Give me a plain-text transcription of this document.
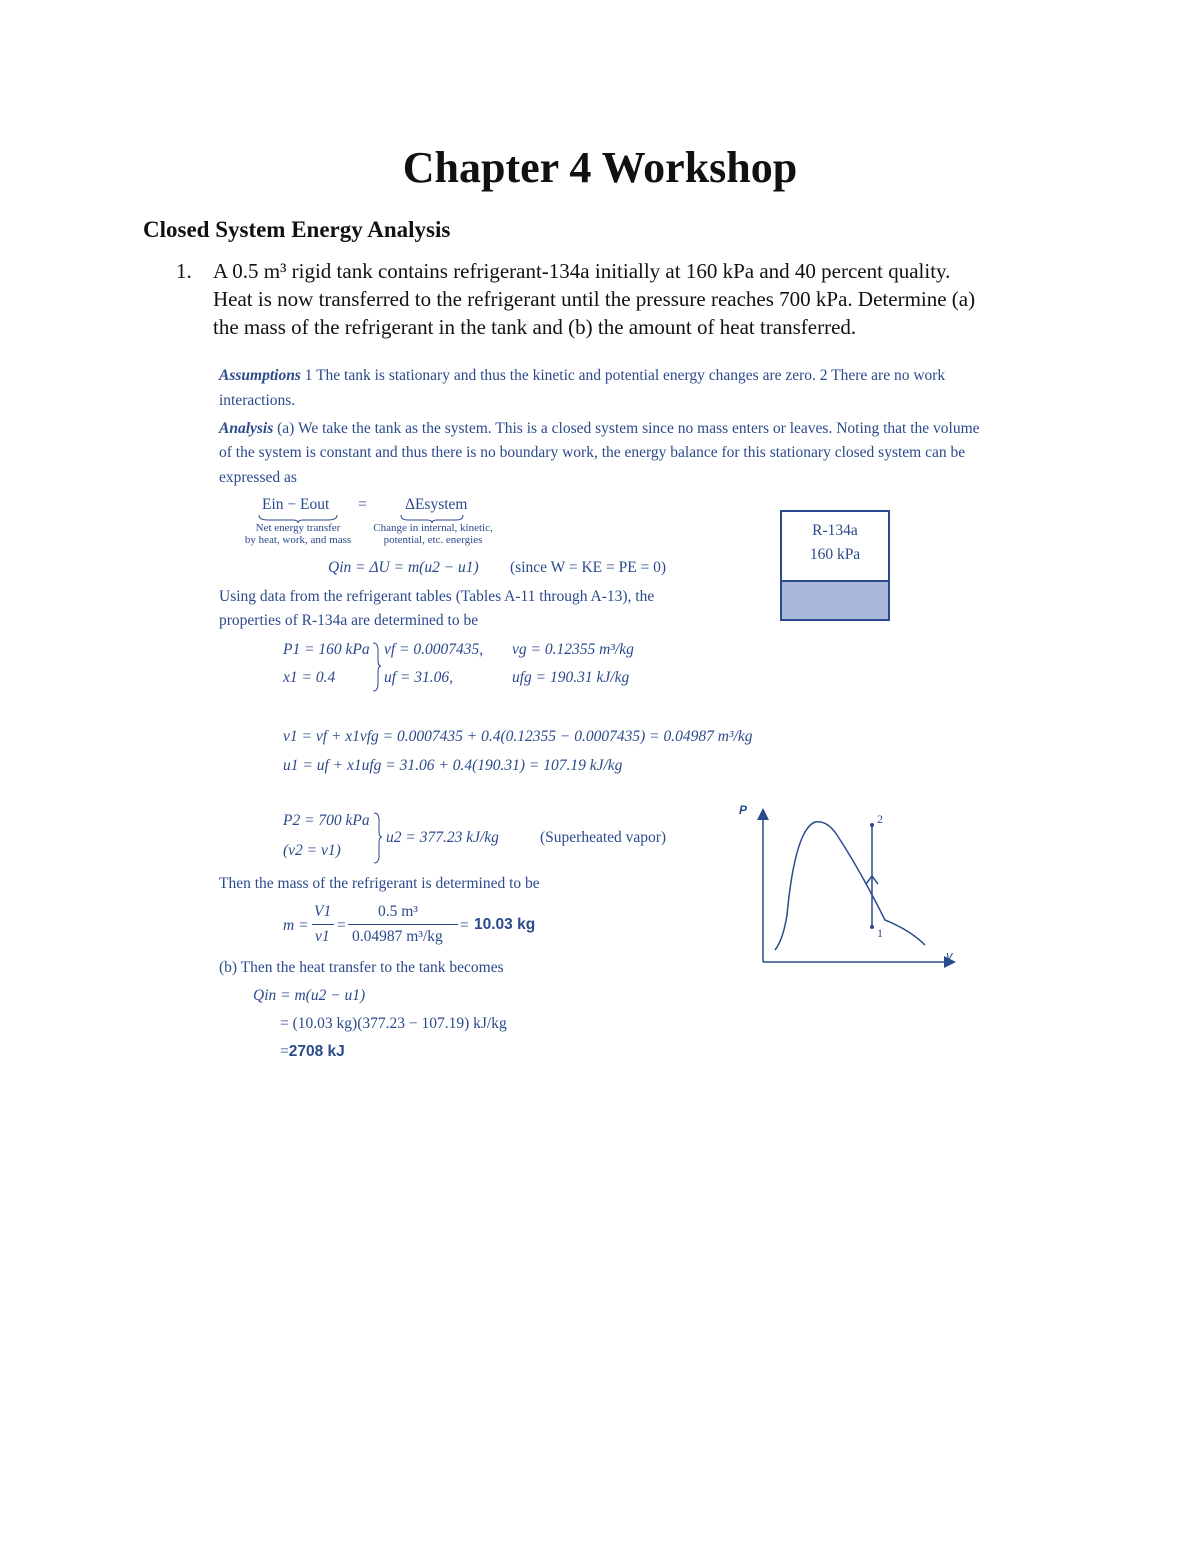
Chapter 4 Workshop
Closed System Energy Analysis
1. A 0.5 m³ rigid tank contains refrigerant-134a initially at 160 kPa and 40 percent quality.
Heat is now transferred to the refrigerant until the pressure reaches 700 kPa. Determine (a)
the mass of the refrigerant in the tank and (b) the amount of heat transferred.
Assumptions 1 The tank is stationary and thus the kinetic and potential energy changes are zero. 2 There are no work
interactions.
Analysis (a) We take the tank as the system. This is a closed system since no mass enters or leaves. Noting that the volume
of the system is constant and thus there is no boundary work, the energy balance for this stationary closed system can be
expressed as
Ein − Eout = ΔEsystem
Net energy transfer
by heat, work, and mass
Change in internal, kinetic,
potential, etc. energies
Qin = ΔU = m(u2 − u1) (since W = KE = PE = 0)
Using data from the refrigerant tables (Tables A-11 through A-13), the
properties of R-134a are determined to be
R-134a
160 kPa
P1 = 160 kPa
x1 = 0.4
vf = 0.0007435, vg = 0.12355 m³/kg
uf = 31.06,	ufg = 190.31 kJ/kg
v1 = vf + x1vfg = 0.0007435 + 0.4(0.12355 − 0.0007435) = 0.04987 m³/kg
u1 = uf + x1ufg = 31.06 + 0.4(190.31) = 107.19 kJ/kg
P2 = 700 kPa
(v2 = v1)
u2 = 377.23 kJ/kg	(Superheated vapor)
Then the mass of the refrigerant is determined to be
m =
V1
v1
=
0.5 m³
0.04987 m³/kg
= 10.03 kg
(b) Then the heat transfer to the tank becomes
Qin = m(u2 − u1)
= (10.03 kg)(377.23 − 107.19) kJ/kg
=2708 kJ
P
v
2
1
